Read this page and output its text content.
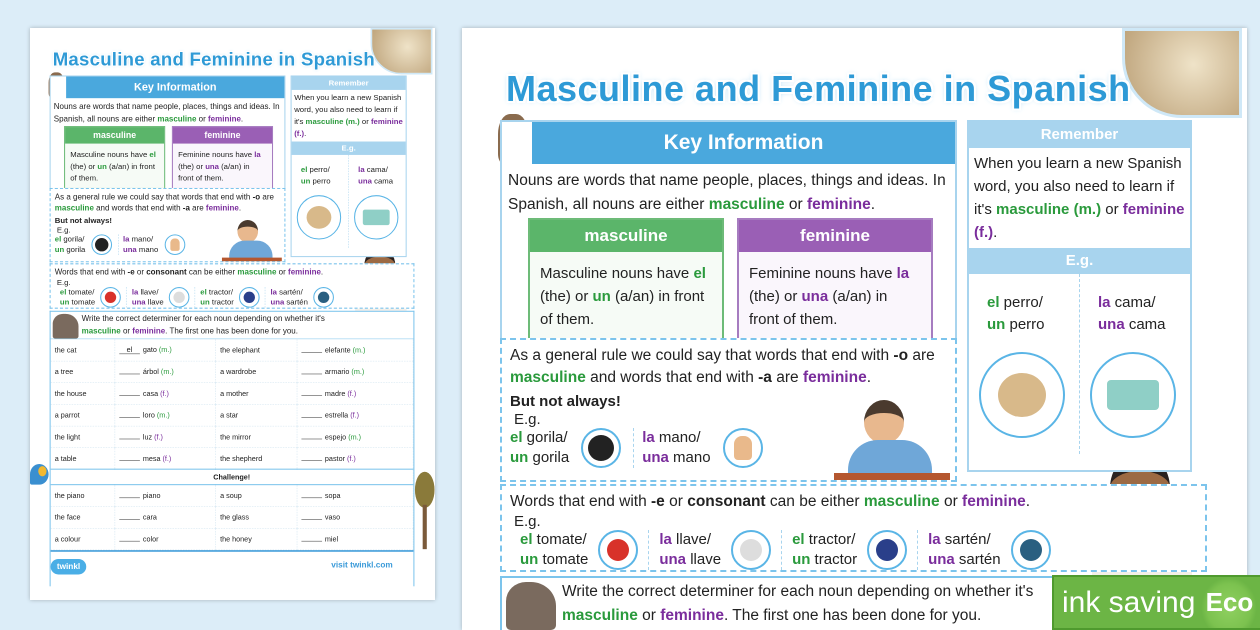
Masculine and Feminine in Spanish
Key Information
Nouns are words that name people, places, things and ideas. In Spanish, all nouns are either masculine or feminine.
masculine
Masculine nouns have el (the) or un (a/an) in front of them.
feminine
Feminine nouns have la (the) or una (a/an) in front of them.
Remember
When you learn a new Spanish word, you also need to learn if it's masculine (m.) or feminine (f.).
E.g.
el perro/
un perro
la cama/
una cama
As a general rule we could say that words that end with -o are masculine and words that end with -a are feminine.
But not always!
E.g.
el gorila/
un gorila
la mano/
una mano
Words that end with -e or consonant can be either masculine or feminine.
E.g.
el tomate/
un tomate
la llave/
una llave
el tractor/
un tractor
la sartén/
una sartén
Write the correct determiner for each noun depending on whether it's masculine or feminine. The first one has been done for you.
the cat	el gato (m.)	the elephant	elefante (m.)
a tree	árbol (m.)	a wardrobe	armario (m.)
the house	casa (f.)	a mother	madre (f.)
a parrot	loro (m.)	a star	estrella (f.)
the light	luz (f.)	the mirror	espejo (m.)
a table	mesa (f.)	the shepherd	pastor (f.)
Challenge!			
the piano	piano	a soup	sopa
the face	cara	the glass	vaso
a colour	color	the honey	miel
twinkl	visit twinkl.com
Masculine and Feminine in Spanish
Key Information
Nouns are words that name people, places, things and ideas. In Spanish, all nouns are either masculine or feminine.
masculine
Masculine nouns have el (the) or un (a/an) in front of them.
feminine
Feminine nouns have la (the) or una (a/an) in front of them.
Remember
When you learn a new Spanish word, you also need to learn if it's masculine (m.) or feminine (f.).
E.g.
el perro/
un perro
la cama/
una cama
As a general rule we could say that words that end with -o are masculine and words that end with -a are feminine.
But not always!
E.g.
el gorila/
un gorila
la mano/
una mano
Words that end with -e or consonant can be either masculine or feminine.
E.g.
el tomate/
un tomate
la llave/
una llave
el tractor/
un tractor
la sartén/
una sartén
Write the correct determiner for each noun depending on whether it's masculine or feminine. The first one has been done for you.	ink saving Eco
